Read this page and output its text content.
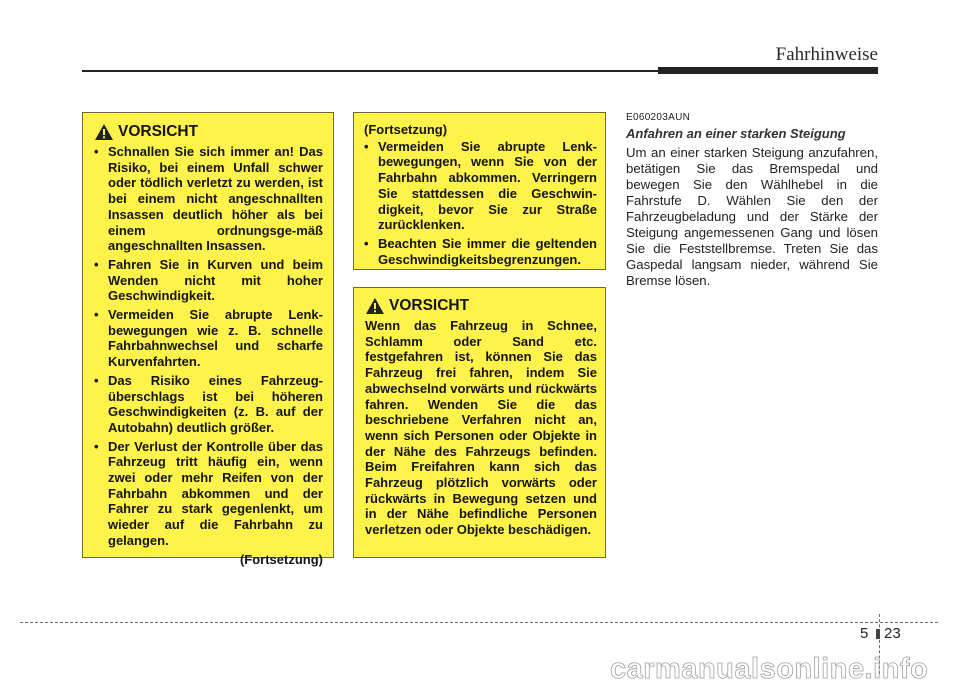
Fahrhinweise
VORSICHT
• Schnallen Sie sich immer an! Das Risiko, bei einem Unfall schwer oder tödlich verletzt zu werden, ist bei einem nicht angeschnallten Insassen deutlich höher als bei einem ordnungsge-mäß angeschnallten Insassen.
• Fahren Sie in Kurven und beim Wenden nicht mit hoher Geschwindigkeit.
• Vermeiden Sie abrupte Lenk-bewegungen wie z. B. schnelle Fahrbahnwechsel und scharfe Kurvenfahrten.
• Das Risiko eines Fahrzeug-überschlags ist bei höheren Geschwindigkeiten (z. B. auf der Autobahn) deutlich größer.
• Der Verlust der Kontrolle über das Fahrzeug tritt häufig ein, wenn zwei oder mehr Reifen von der Fahrbahn abkommen und der Fahrer zu stark gegenlenkt, um wieder auf die Fahrbahn zu gelangen.
(Fortsetzung)
(Fortsetzung)
• Vermeiden Sie abrupte Lenk-bewegungen, wenn Sie von der Fahrbahn abkommen. Verringern Sie stattdessen die Geschwin-digkeit, bevor Sie zur Straße zurücklenken.
• Beachten Sie immer die geltenden Geschwindigkeitsbegrenzungen.
VORSICHT
Wenn das Fahrzeug in Schnee, Schlamm oder Sand etc. festgefahren ist, können Sie das Fahrzeug frei fahren, indem Sie abwechselnd vorwärts und rückwärts fahren. Wenden Sie die das beschriebene Verfahren nicht an, wenn sich Personen oder Objekte in der Nähe des Fahrzeugs befinden. Beim Freifahren kann sich das Fahrzeug plötzlich vorwärts oder rückwärts in Bewegung setzen und in der Nähe befindliche Personen verletzen oder Objekte beschädigen.
E060203AUN
Anfahren an einer starken Steigung
Um an einer starken Steigung anzufahren, betätigen Sie das Bremspedal und bewegen Sie den Wählhebel in die Fahrstufe D. Wählen Sie den der Fahrzeugbeladung und der Stärke der Steigung angemessenen Gang und lösen Sie die Feststellbremse. Treten Sie das Gaspedal langsam nieder, während Sie Bremse lösen.
5 23
carmanualsonline.info
